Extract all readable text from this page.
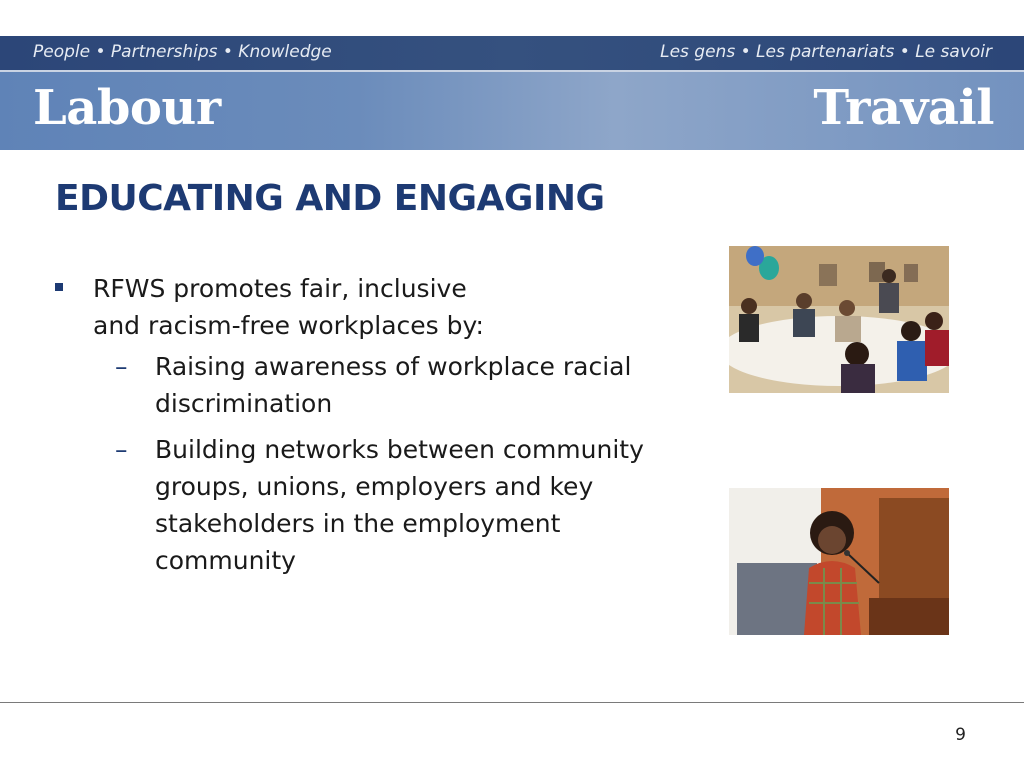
People • Partnerships • Knowledge	Les gens • Les partenariats • Le savoir
Labour	Travail
EDUCATING AND ENGAGING
RFWS promotes fair, inclusive
and racism-free workplaces by:
– Raising awareness of workplace racial discrimination
– Building networks between community groups, unions, employers and key stakeholders in the employment community
9
